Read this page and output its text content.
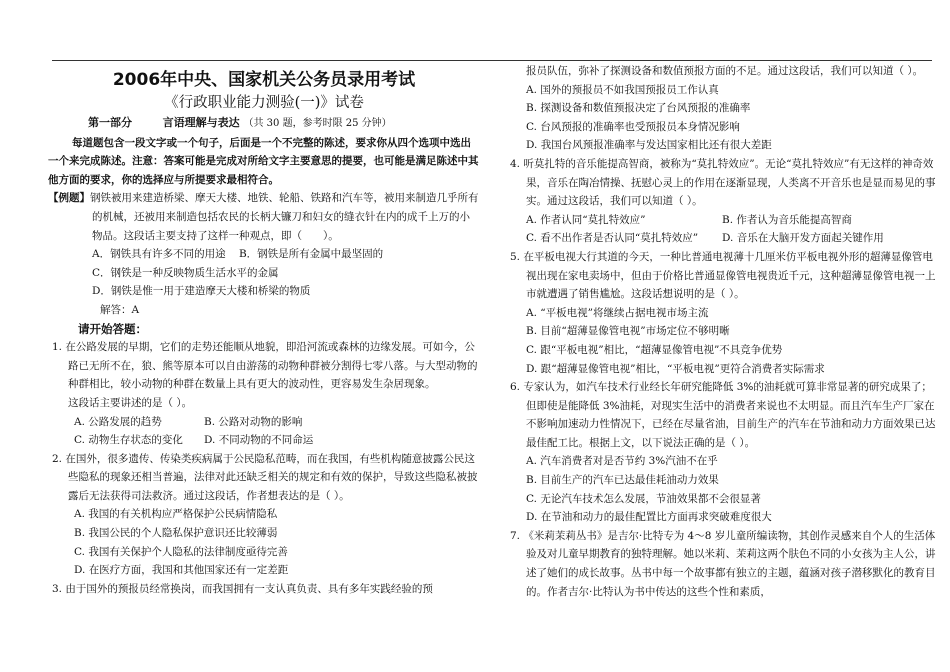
2006年中央、国家机关公务员录用考试
《行政职业能力测验(一)》试卷
第一部分	言语理解与表达 （共 30 题，参考时限 25 分钟）

每道题包含一段文字或一个句子，后面是一个不完整的陈述，要求你从四个选项中选出一个来完成陈述。注意：答案可能是完成对所给文字主要意思的提要，也可能是满足陈述中其他方面的要求，你的选择应与所提要求最相符合。

【例题】钢铁被用来建造桥梁、摩天大楼、地铁、轮船、铁路和汽车等，被用来制造几乎所有的机械，还被用来制造包括农民的长柄大镰刀和妇女的缝衣针在内的成千上万的小物品。这段话主要支持了这样一种观点，即（　　）。

A．钢铁具有许多不同的用途 B．钢铁是所有金属中最坚固的
C．钢铁是一种反映物质生活水平的金属
D．钢铁是惟一用于建造摩天大楼和桥梁的物质
解答：A
请开始答题：

1. 在公路发展的早期，它们的走势还能顺从地貌，即沿河流或森林的边缘发展。可如今，公路已无所不在，狼、熊等原本可以自由游荡的动物种群被分割得七零八落。与大型动物的种群相比，较小动物的种群在数量上具有更大的波动性，更容易发生杂居现象。

这段话主要讲述的是（ ）。

A. 公路发展的趋势	B. 公路对动物的影响
C. 动物生存状态的变化 D. 不同动物的不同命运

2. 在国外，很多遗传、传染类疾病属于公民隐私范畴，而在我国，有些机构随意披露公民这些隐私的现象还相当普遍，法律对此还缺乏相关的规定和有效的保护，导致这些隐私被披露后无法获得司法救济。通过这段话，作者想表达的是（ ）。

A. 我国的有关机构应严格保护公民病情隐私
B. 我国公民的个人隐私保护意识还比较薄弱
C. 我国有关保护个人隐私的法律制度亟待完善
D. 在医疗方面，我国和其他国家还有一定差距

3. 由于国外的预报员经常换岗，而我国拥有一支认真负责、具有多年实践经验的预

报员队伍，弥补了探测设备和数值预报方面的不足。通过这段话，我们可以知道（ ）。

A. 国外的预报员不如我国预报员工作认真
B. 探测设备和数值预报决定了台风预报的准确率
C. 台风预报的准确率也受预报员本身情况影响
D. 我国台风预报准确率与发达国家相比还有很大差距

4. 听莫扎特的音乐能提高智商，被称为“莫扎特效应”。无论“莫扎特效应”有无这样的神奇效果，音乐在陶冶情操、抚慰心灵上的作用在逐渐显现，人类离不开音乐也是显而易见的事实。通过这段话，我们可以知道（ ）。

A. 作者认同“莫扎特效应”	B. 作者认为音乐能提高智商
C. 看不出作者是否认同“莫扎特效应” D. 音乐在大脑开发方面起关键作用

5. 在平板电视大行其道的今天，一种比普通电视薄十几厘米仿平板电视外形的超薄显像管电视出现在家电卖场中，但由于价格比普通显像管电视贵近千元，这种超薄显像管电视一上市就遭遇了销售尴尬。这段话想说明的是（ ）。

A. “平板电视”将继续占据电视市场主流
B. 目前“超薄显像管电视”市场定位不够明晰
C. 跟“平板电视”相比，“超薄显像管电视”不具竞争优势
D. 跟“超薄显像管电视”相比，“平板电视”更符合消费者实际需求

6. 专家认为，如汽车技术行业经长年研究能降低 3%的油耗就可算非常显著的研究成果了；但即使是能降低 3%油耗，对现实生活中的消费者来说也不太明显。而且汽车生产厂家在不影响加速动力性情况下，已经在尽量省油，目前生产的汽车在节油和动力方面效果已达最佳配工比。根据上文，以下说法正确的是（ ）。

A. 汽车消费者对是否节约 3%汽油不在乎
B. 目前生产的汽车已达最佳耗油动力效果
C. 无论汽车技术怎么发展，节油效果都不会很显著
D. 在节油和动力的最佳配置比方面再求突破难度很大

7. 《米莉茉莉丛书》是吉尔·比特专为 4～8 岁儿童所编读物，其创作灵感来自个人的生活体验及对儿童早期教育的独特理解。她以米莉、茉莉这两个肤色不同的小女孩为主人公，讲述了她们的成长故事。丛书中每一个故事都有独立的主题，蕴涵对孩子潜移默化的教育目的。作者吉尔·比特认为书中传达的这些个性和素质，
